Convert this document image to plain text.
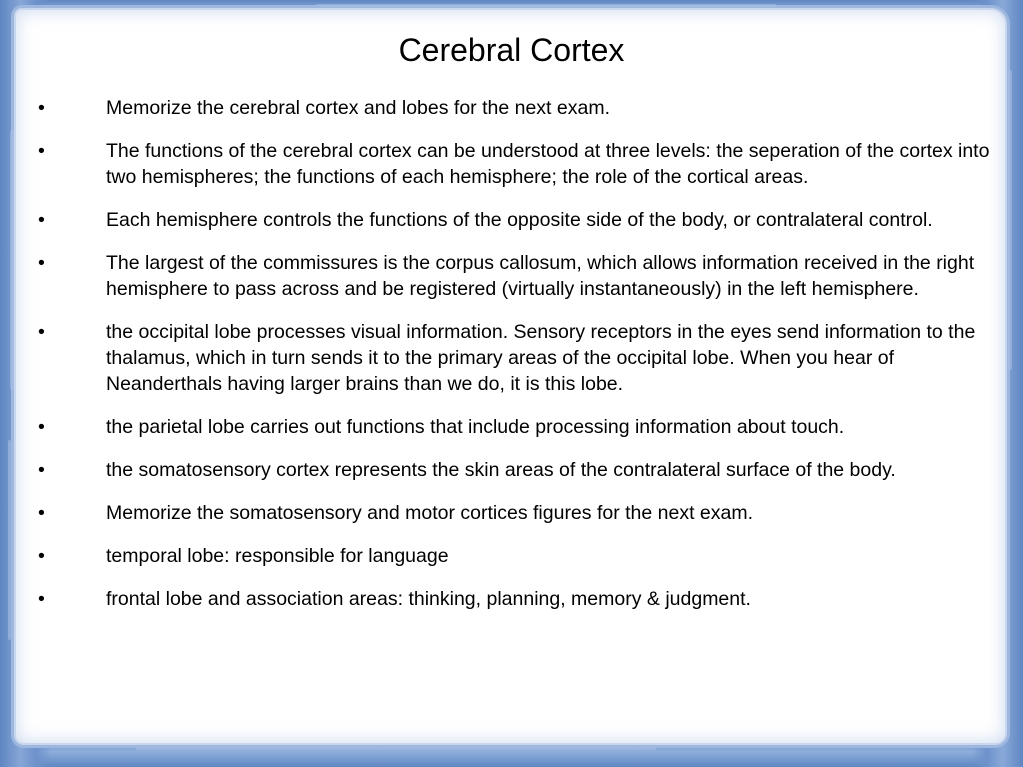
Cerebral Cortex
•	Memorize the cerebral cortex and lobes for the next exam.
•	The functions of the cerebral cortex can be understood at three levels: the seperation of the cortex into two hemispheres; the functions of each hemisphere; the role of the cortical areas.
•	Each hemisphere controls the functions of the opposite side of the body, or contralateral control.
•	The largest of the commissures is the corpus callosum, which allows information received in the right hemisphere to pass across and be registered (virtually instantaneously) in the left hemisphere.
•	the occipital lobe processes visual information. Sensory receptors in the eyes send information to the thalamus, which in turn sends it to the primary areas of the occipital lobe. When you hear of Neanderthals having larger brains than we do, it is this lobe.
•	the parietal lobe carries out functions that include processing information about touch.
•	the somatosensory cortex represents the skin areas of the contralateral surface of the body.
•	Memorize the somatosensory and motor cortices figures for the next exam.
•	temporal lobe: responsible for language
•	frontal lobe and association areas: thinking, planning, memory & judgment.
